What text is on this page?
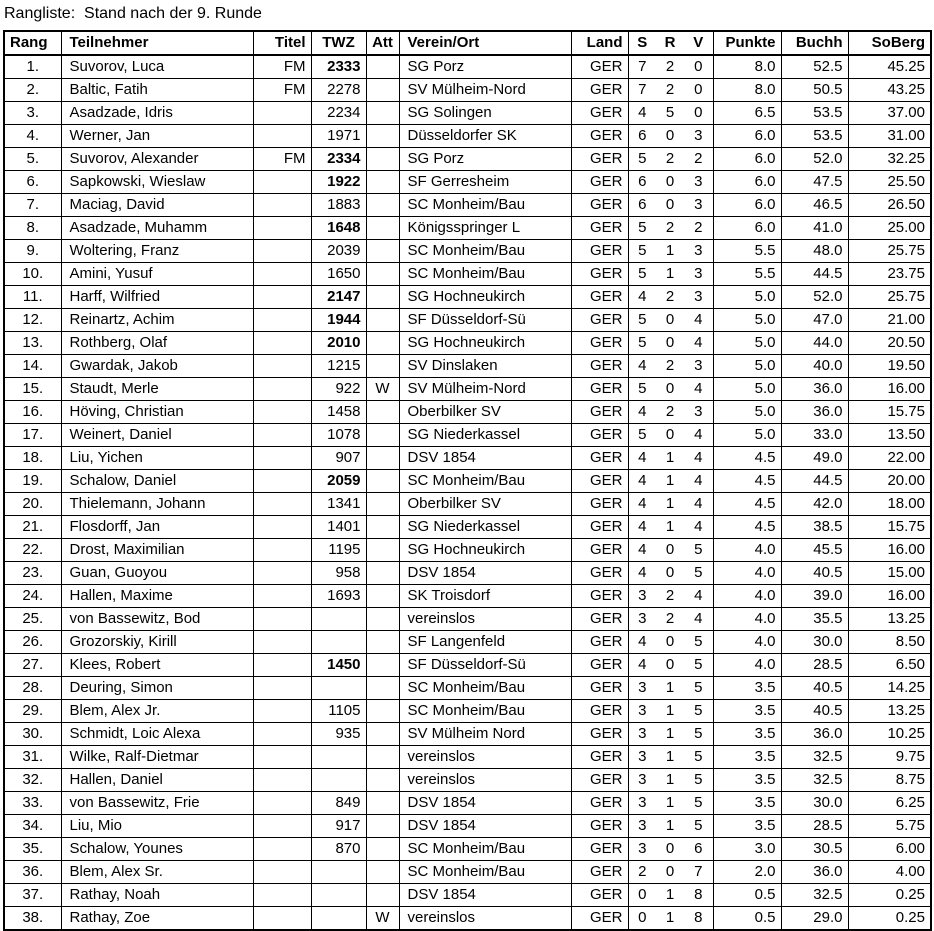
Rangliste:  Stand nach der 9. Runde
Rang	Teilnehmer	Titel	TWZ	Att	Verein/Ort	Land	S	R	V	Punkte	Buchh	SoBerg
1.	Suvorov, Luca	FM	2333		SG Porz	GER	7	2	0	8.0	52.5	45.25
2.	Baltic, Fatih	FM	2278		SV Mülheim-Nord	GER	7	2	0	8.0	50.5	43.25
3.	Asadzade, Idris		2234		SG Solingen	GER	4	5	0	6.5	53.5	37.00
4.	Werner, Jan		1971		Düsseldorfer SK	GER	6	0	3	6.0	53.5	31.00
5.	Suvorov, Alexander	FM	2334		SG Porz	GER	5	2	2	6.0	52.0	32.25
6.	Sapkowski, Wieslaw		1922		SF Gerresheim	GER	6	0	3	6.0	47.5	25.50
7.	Maciag, David		1883		SC Monheim/Bau	GER	6	0	3	6.0	46.5	26.50
8.	Asadzade, Muhamm		1648		Königsspringer L	GER	5	2	2	6.0	41.0	25.00
9.	Woltering, Franz		2039		SC Monheim/Bau	GER	5	1	3	5.5	48.0	25.75
10.	Amini, Yusuf		1650		SC Monheim/Bau	GER	5	1	3	5.5	44.5	23.75
11.	Harff, Wilfried		2147		SG Hochneukirch	GER	4	2	3	5.0	52.0	25.75
12.	Reinartz, Achim		1944		SF Düsseldorf-Sü	GER	5	0	4	5.0	47.0	21.00
13.	Rothberg, Olaf		2010		SG Hochneukirch	GER	5	0	4	5.0	44.0	20.50
14.	Gwardak, Jakob		1215		SV Dinslaken	GER	4	2	3	5.0	40.0	19.50
15.	Staudt, Merle		922	W	SV Mülheim-Nord	GER	5	0	4	5.0	36.0	16.00
16.	Höving, Christian		1458		Oberbilker SV	GER	4	2	3	5.0	36.0	15.75
17.	Weinert, Daniel		1078		SG Niederkassel	GER	5	0	4	5.0	33.0	13.50
18.	Liu, Yichen		907		DSV 1854	GER	4	1	4	4.5	49.0	22.00
19.	Schalow, Daniel		2059		SC Monheim/Bau	GER	4	1	4	4.5	44.5	20.00
20.	Thielemann, Johann		1341		Oberbilker SV	GER	4	1	4	4.5	42.0	18.00
21.	Flosdorff, Jan		1401		SG Niederkassel	GER	4	1	4	4.5	38.5	15.75
22.	Drost, Maximilian		1195		SG Hochneukirch	GER	4	0	5	4.0	45.5	16.00
23.	Guan, Guoyou		958		DSV 1854	GER	4	0	5	4.0	40.5	15.00
24.	Hallen, Maxime		1693		SK Troisdorf	GER	3	2	4	4.0	39.0	16.00
25.	von Bassewitz, Bod				vereinslos	GER	3	2	4	4.0	35.5	13.25
26.	Grozorskiy, Kirill				SF Langenfeld	GER	4	0	5	4.0	30.0	8.50
27.	Klees, Robert		1450		SF Düsseldorf-Sü	GER	4	0	5	4.0	28.5	6.50
28.	Deuring, Simon				SC Monheim/Bau	GER	3	1	5	3.5	40.5	14.25
29.	Blem, Alex Jr.		1105		SC Monheim/Bau	GER	3	1	5	3.5	40.5	13.25
30.	Schmidt, Loic Alexa		935		SV Mülheim Nord	GER	3	1	5	3.5	36.0	10.25
31.	Wilke, Ralf-Dietmar				vereinslos	GER	3	1	5	3.5	32.5	9.75
32.	Hallen, Daniel				vereinslos	GER	3	1	5	3.5	32.5	8.75
33.	von Bassewitz, Frie		849		DSV 1854	GER	3	1	5	3.5	30.0	6.25
34.	Liu, Mio		917		DSV 1854	GER	3	1	5	3.5	28.5	5.75
35.	Schalow, Younes		870		SC Monheim/Bau	GER	3	0	6	3.0	30.5	6.00
36.	Blem, Alex Sr.				SC Monheim/Bau	GER	2	0	7	2.0	36.0	4.00
37.	Rathay, Noah				DSV 1854	GER	0	1	8	0.5	32.5	0.25
38.	Rathay, Zoe			W	vereinslos	GER	0	1	8	0.5	29.0	0.25
